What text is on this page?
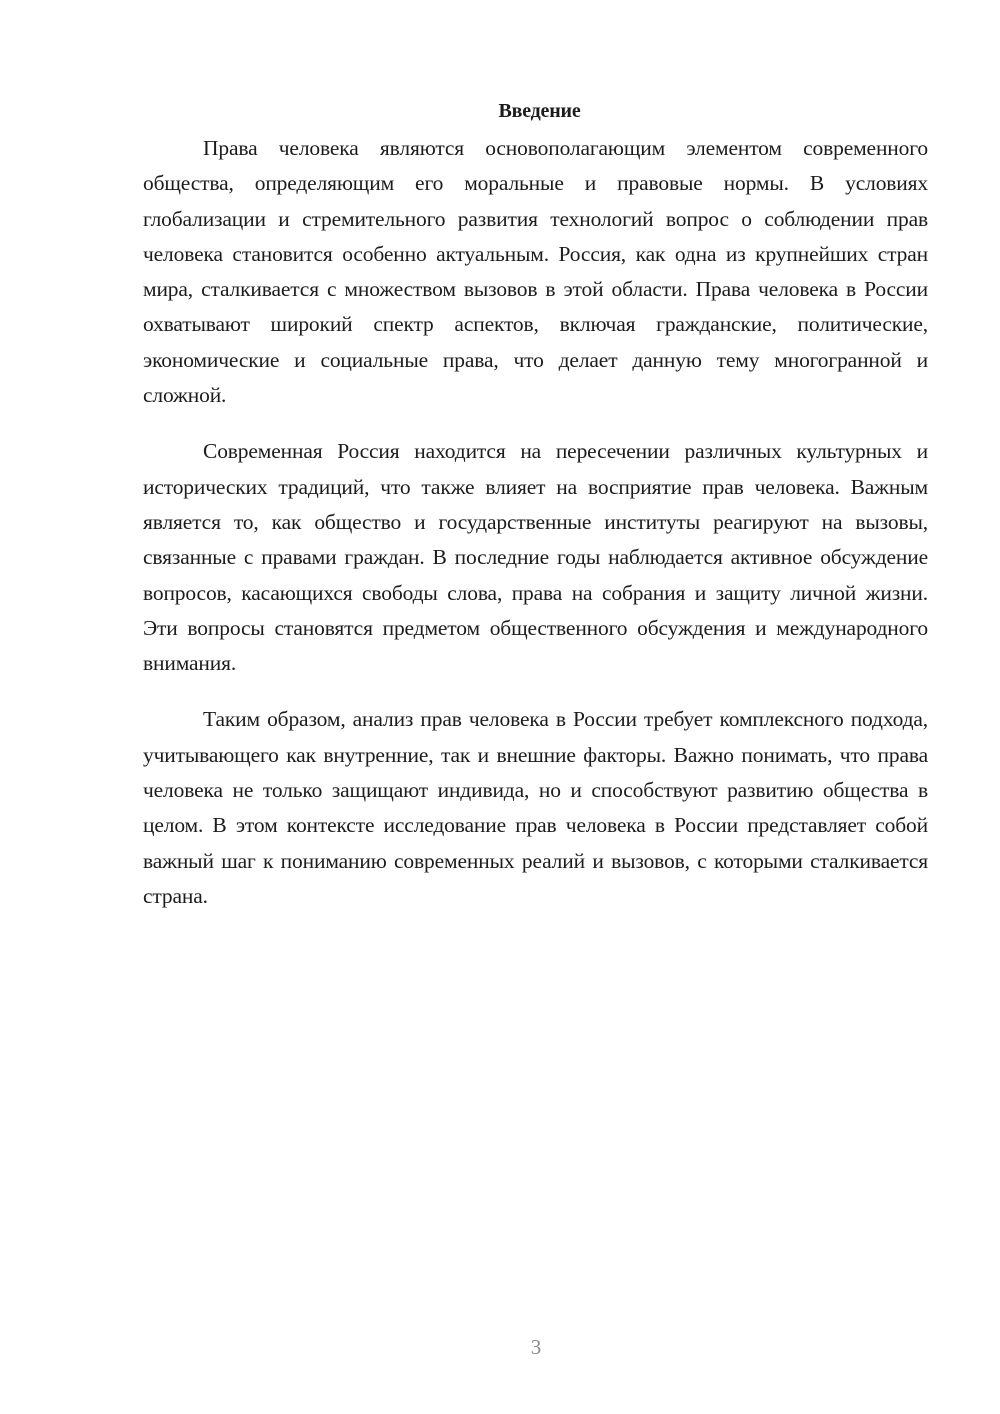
Введение

Права человека являются основополагающим элементом современного общества, определяющим его моральные и правовые нормы. В условиях глобализации и стремительного развития технологий вопрос о соблюдении прав человека становится особенно актуальным. Россия, как одна из крупнейших стран мира, сталкивается с множеством вызовов в этой области. Права человека в России охватывают широкий спектр аспектов, включая гражданские, политические, экономические и социальные права, что делает данную тему многогранной и сложной.

Современная Россия находится на пересечении различных культурных и исторических традиций, что также влияет на восприятие прав человека. Важным является то, как общество и государственные институты реагируют на вызовы, связанные с правами граждан. В последние годы наблюдается активное обсуждение вопросов, касающихся свободы слова, права на собрания и защиту личной жизни. Эти вопросы становятся предметом общественного обсуждения и международного внимания.

Таким образом, анализ прав человека в России требует комплексного подхода, учитывающего как внутренние, так и внешние факторы. Важно понимать, что права человека не только защищают индивида, но и способствуют развитию общества в целом. В этом контексте исследование прав человека в России представляет собой важный шаг к пониманию современных реалий и вызовов, с которыми сталкивается страна.

3
